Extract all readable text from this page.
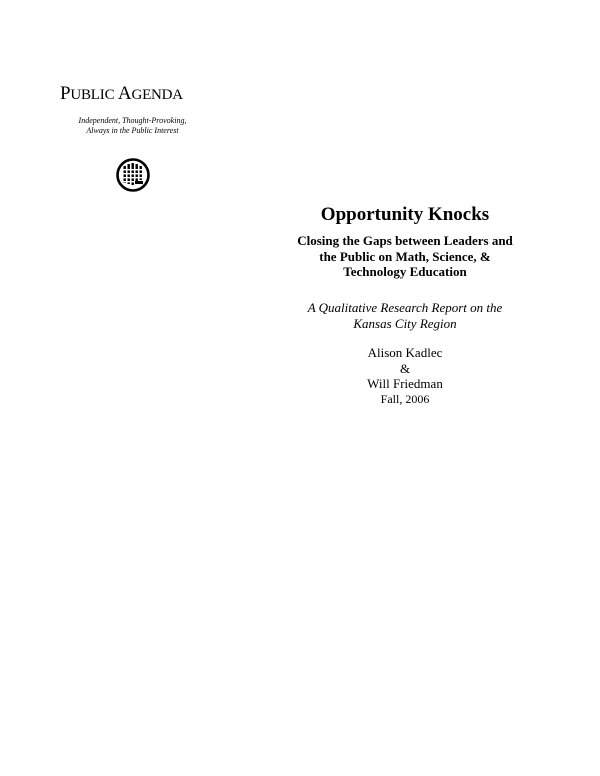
PUBLIC AGENDA
Independent, Thought-Provoking,
Always in the Public Interest
Opportunity Knocks
Closing the Gaps between Leaders and
the Public on Math, Science, &
Technology Education
A Qualitative Research Report on the
Kansas City Region
Alison Kadlec
&
Will Friedman
Fall, 2006
